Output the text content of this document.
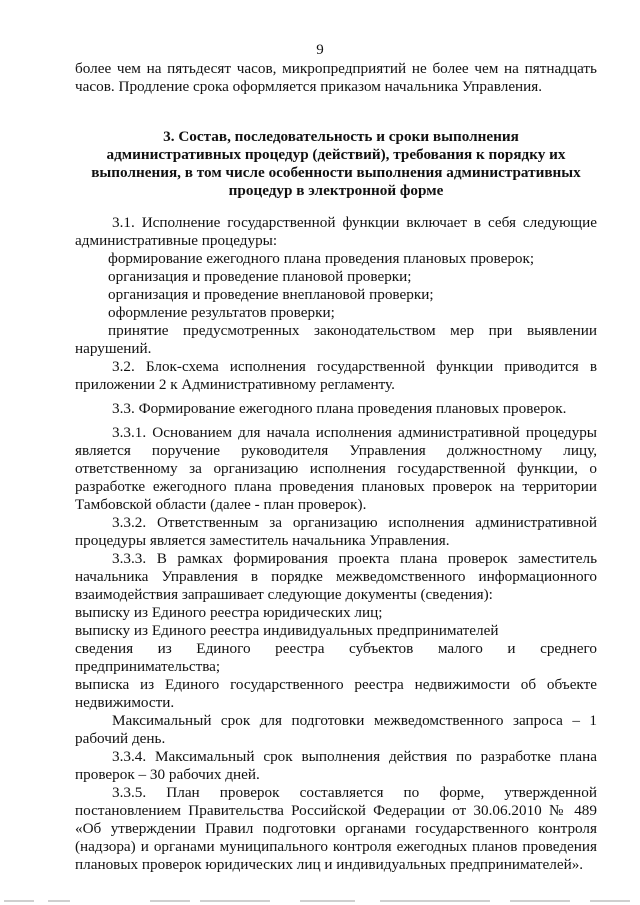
9
более чем на пятьдесят часов, микропредприятий не более чем на пятнадцать
часов. Продление срока оформляется приказом начальника Управления.
3. Состав, последовательность и сроки выполнения
административных процедур (действий), требования к порядку их
выполнения, в том числе особенности выполнения административных
процедур в электронной форме
3.1. Исполнение государственной функции включает в себя следующие
административные процедуры:
формирование ежегодного плана проведения плановых проверок;
организация и проведение плановой проверки;
организация и проведение внеплановой проверки;
оформление результатов проверки;
принятие предусмотренных законодательством мер при выявлении
нарушений.
3.2. Блок-схема исполнения государственной функции приводится в
приложении 2 к Административному регламенту.
3.3. Формирование ежегодного плана проведения плановых проверок.
3.3.1. Основанием для начала исполнения административной процедуры
является поручение руководителя Управления должностному лицу,
ответственному за организацию исполнения государственной функции, о
разработке ежегодного плана проведения плановых проверок на территории
Тамбовской области (далее - план проверок).
3.3.2. Ответственным за организацию исполнения административной
процедуры является заместитель начальника Управления.
3.3.3. В рамках формирования проекта плана проверок заместитель
начальника Управления в порядке межведомственного информационного
взаимодействия запрашивает следующие документы (сведения):
выписку из Единого реестра юридических лиц;
выписку из Единого реестра индивидуальных предпринимателей
сведения из Единого реестра субъектов малого и среднего
предпринимательства;
выписка из Единого государственного реестра недвижимости об объекте
недвижимости.
Максимальный срок для подготовки межведомственного запроса – 1
рабочий день.
3.3.4. Максимальный срок выполнения действия по разработке плана
проверок – 30 рабочих дней.
3.3.5. План проверок составляется по форме, утвержденной
постановлением Правительства Российской Федерации от 30.06.2010 № 489
«Об утверждении Правил подготовки органами государственного контроля
(надзора) и органами муниципального контроля ежегодных планов проведения
плановых проверок юридических лиц и индивидуальных предпринимателей».
